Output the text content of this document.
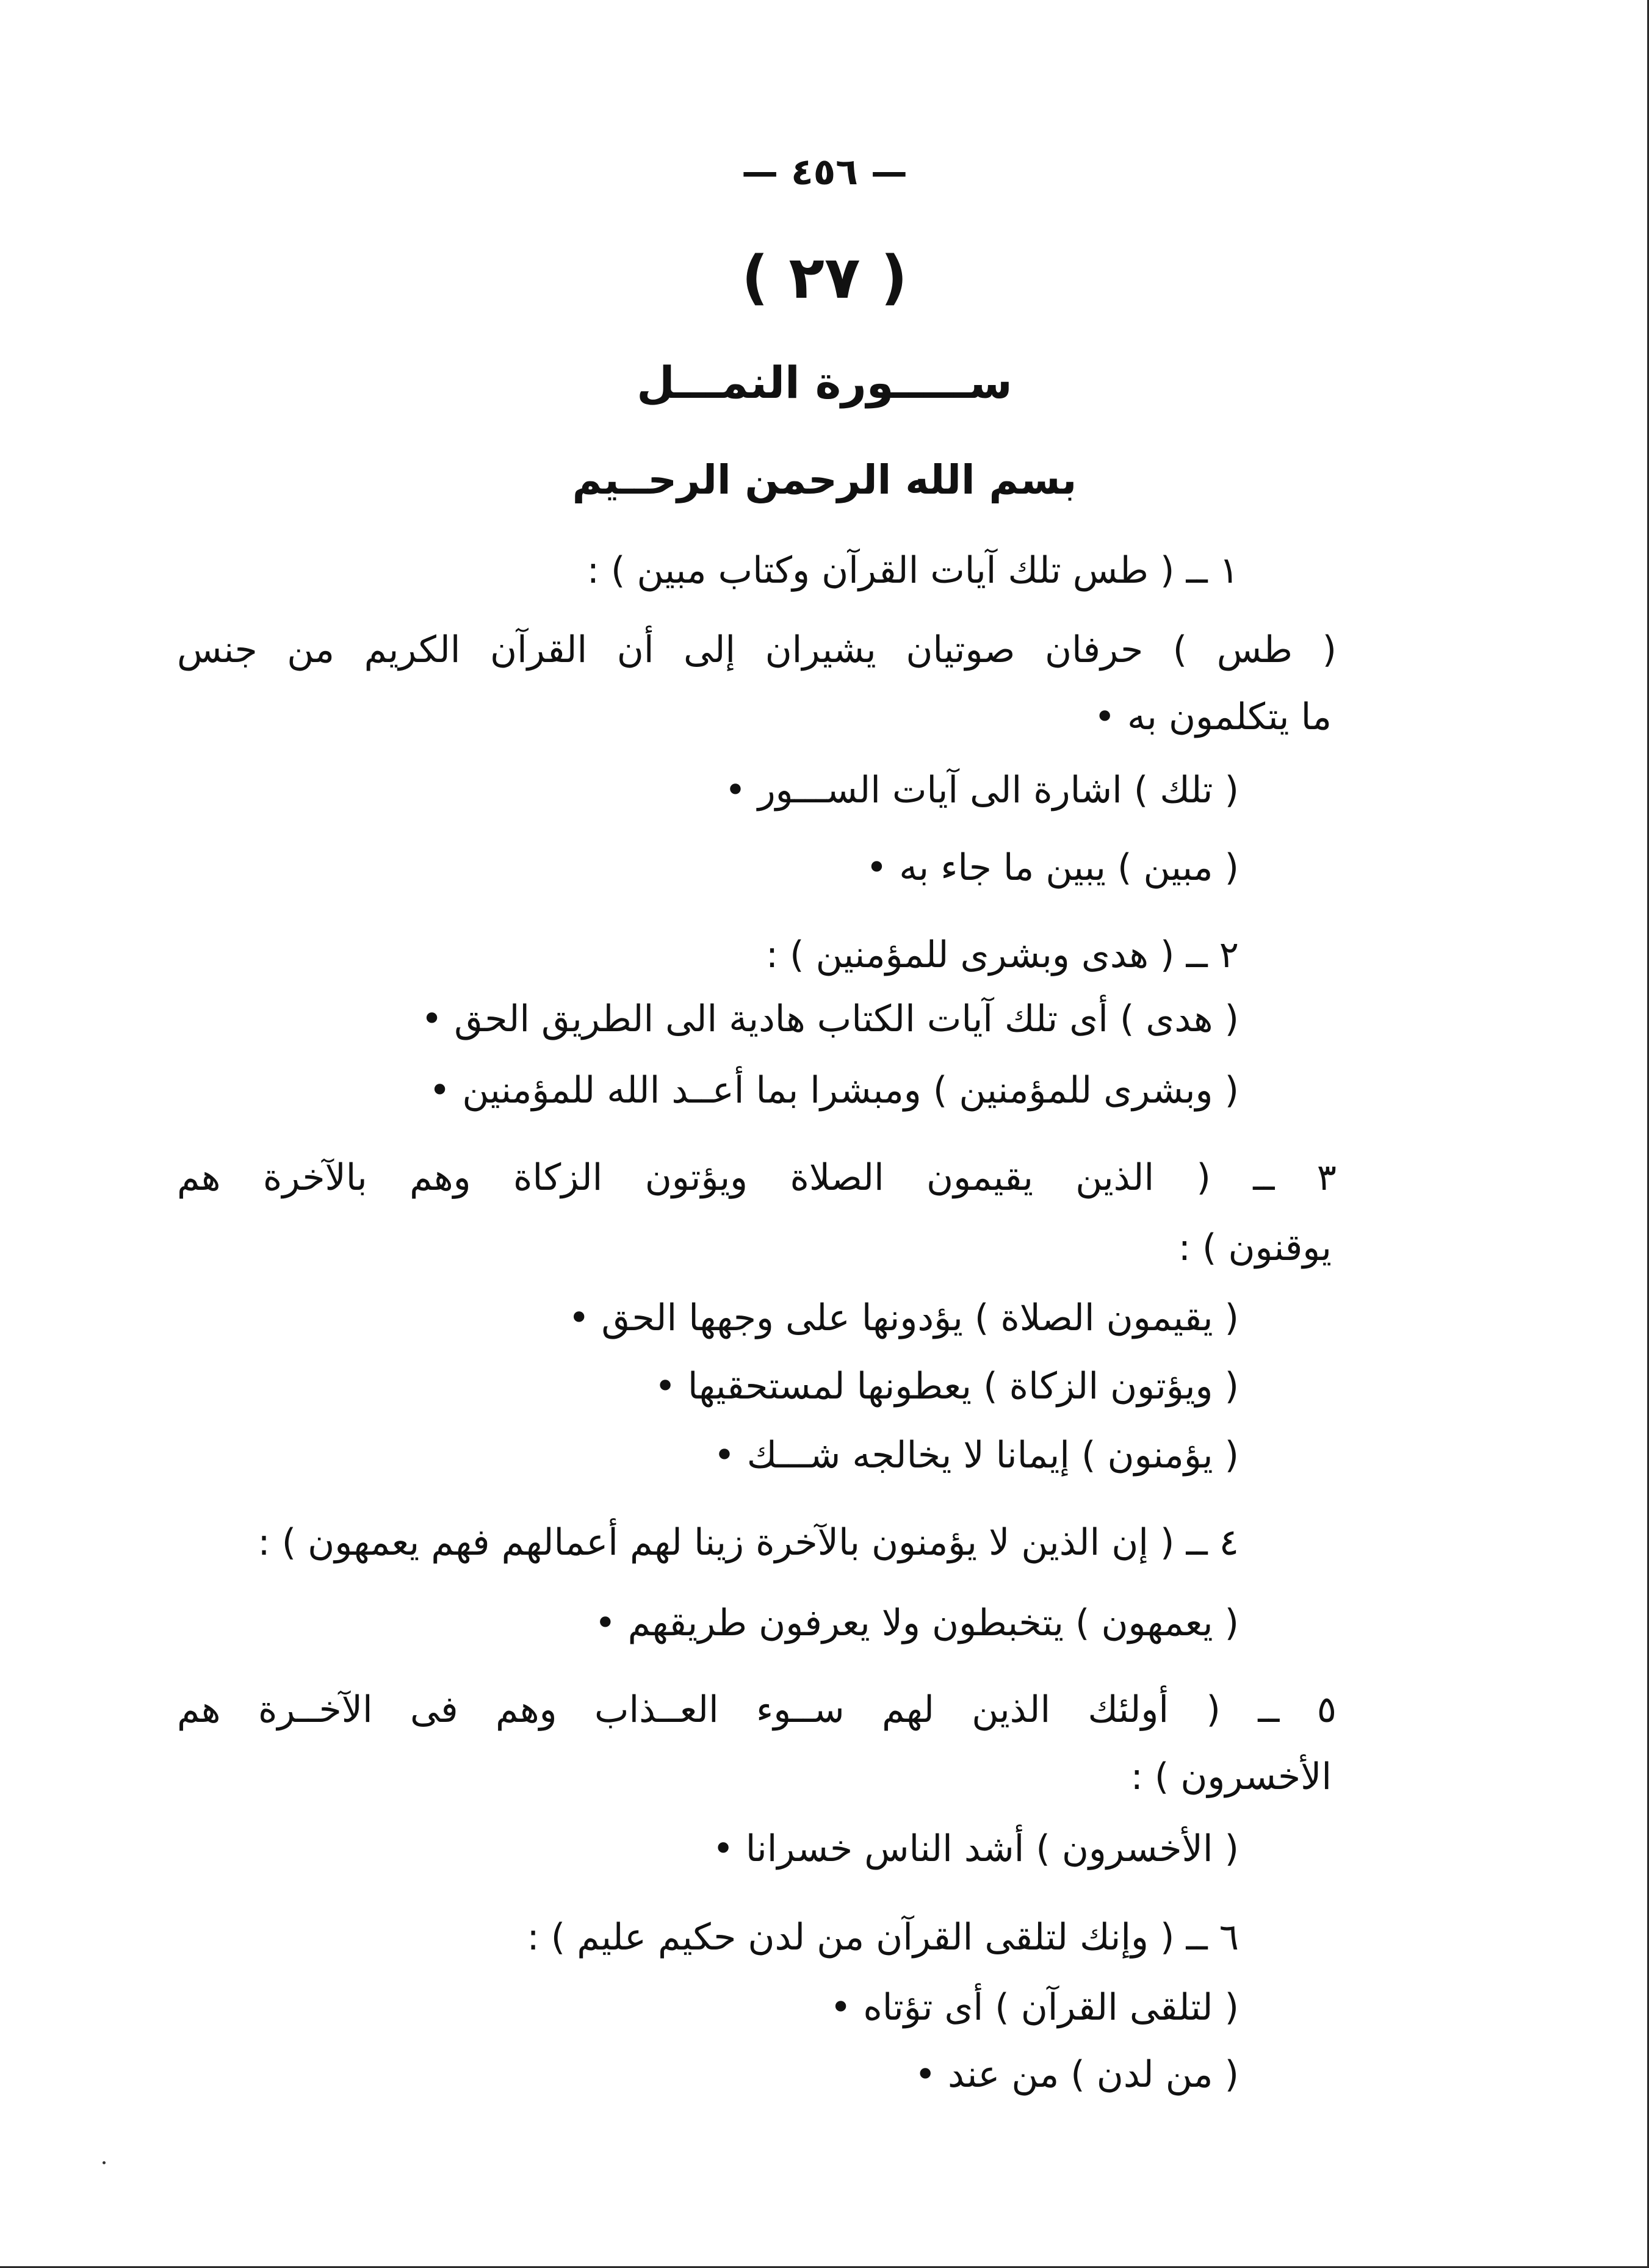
— ٤٥٦ —
( ٢٧ )
ســـــورة النمـــل
بسم الله الرحمن الرحــيم
١ ــ ( طس تلك آيات القرآن وكتاب مبين ) :
( طس ) حرفان صوتيان يشيران إلى أن القرآن الكريم من جنس
ما يتكلمون به •
( تلك ) اشارة الى آيات الســـور •
( مبين ) يبين ما جاء به •
٢ ــ ( هدى وبشرى للمؤمنين ) :
( هدى ) أى تلك آيات الكتاب هادية الى الطريق الحق •
( وبشرى للمؤمنين ) ومبشرا بما أعــد الله للمؤمنين •
٣ ــ ( الذين يقيمون الصلاة ويؤتون الزكاة وهم بالآخرة هم
يوقنون ) :
( يقيمون الصلاة ) يؤدونها على وجهها الحق •
( ويؤتون الزكاة ) يعطونها لمستحقيها •
( يؤمنون ) إيمانا لا يخالجه شـــك •
٤ ــ ( إن الذين لا يؤمنون بالآخرة زينا لهم أعمالهم فهم يعمهون ) :
( يعمهون ) يتخبطون ولا يعرفون طريقهم •
٥ ــ ( أولئك الذين لهم ســوء العــذاب وهم فى الآخــرة هم
الأخسرون ) :
( الأخسرون ) أشد الناس خسرانا •
٦ ــ ( وإنك لتلقى القرآن من لدن حكيم عليم ) :
( لتلقى القرآن ) أى تؤتاه •
( من لدن ) من عند •
